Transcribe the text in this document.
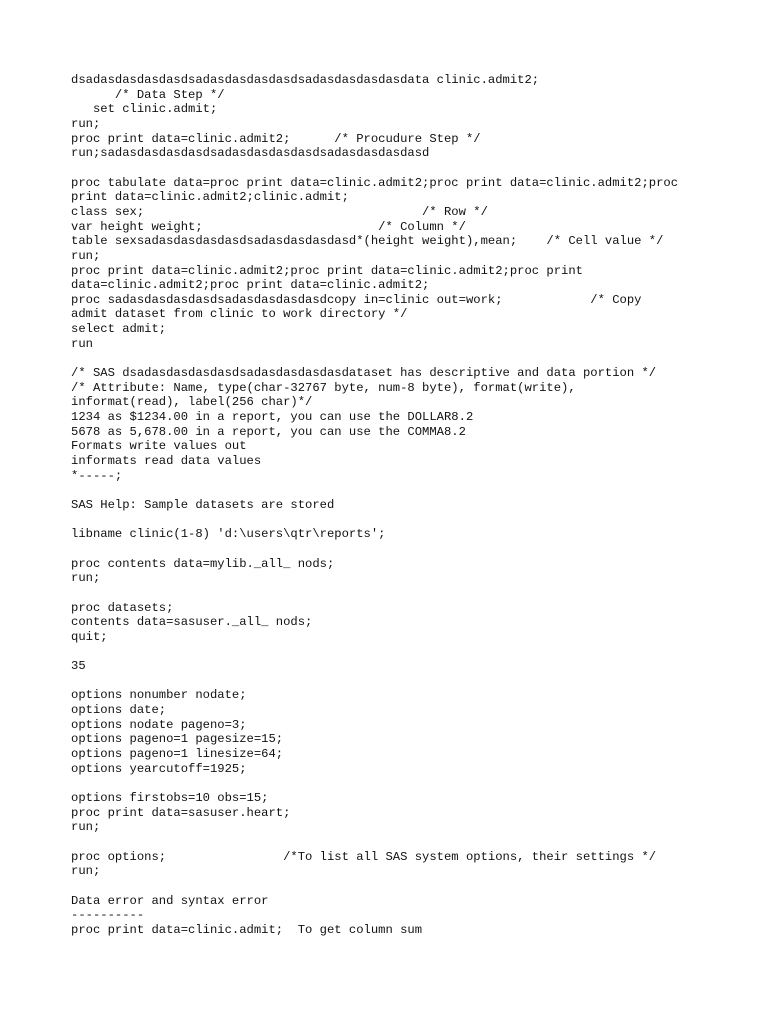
dsadasdasdasdasdsadasdasdasdasdsadasdasdasdasdata clinic.admit2;
/* Data Step */
set clinic.admit;
run;
proc print data=clinic.admit2;      /* Procudure Step */
run;sadasdasdasdasdsadasdasdasdasdsadasdasdasdasd
proc tabulate data=proc print data=clinic.admit2;proc print data=clinic.admit2;proc
print data=clinic.admit2;clinic.admit;
class sex;                                      /* Row */
var height weight;                        /* Column */
table sexsadasdasdasdasdsadasdasdasdasd*(height weight),mean;    /* Cell value */
run;
proc print data=clinic.admit2;proc print data=clinic.admit2;proc print
data=clinic.admit2;proc print data=clinic.admit2;
proc sadasdasdasdasdsadasdasdasdasdcopy in=clinic out=work;            /* Copy
admit dataset from clinic to work directory */
select admit;
run
/* SAS dsadasdasdasdasdsadasdasdasdasdataset has descriptive and data portion */
/* Attribute: Name, type(char-32767 byte, num-8 byte), format(write),
informat(read), label(256 char)*/
1234 as $1234.00 in a report, you can use the DOLLAR8.2
5678 as 5,678.00 in a report, you can use the COMMA8.2
Formats write values out
informats read data values
*-----;
SAS Help: Sample datasets are stored
libname clinic(1-8) 'd:\users\qtr\reports';
proc contents data=mylib._all_ nods;
run;
proc datasets;
contents data=sasuser._all_ nods;
quit;
35
options nonumber nodate;
options date;
options nodate pageno=3;
options pageno=1 pagesize=15;
options pageno=1 linesize=64;
options yearcutoff=1925;
options firstobs=10 obs=15;
proc print data=sasuser.heart;
run;
proc options;                /*To list all SAS system options, their settings */
run;
Data error and syntax error
----------
proc print data=clinic.admit;  To get column sum
